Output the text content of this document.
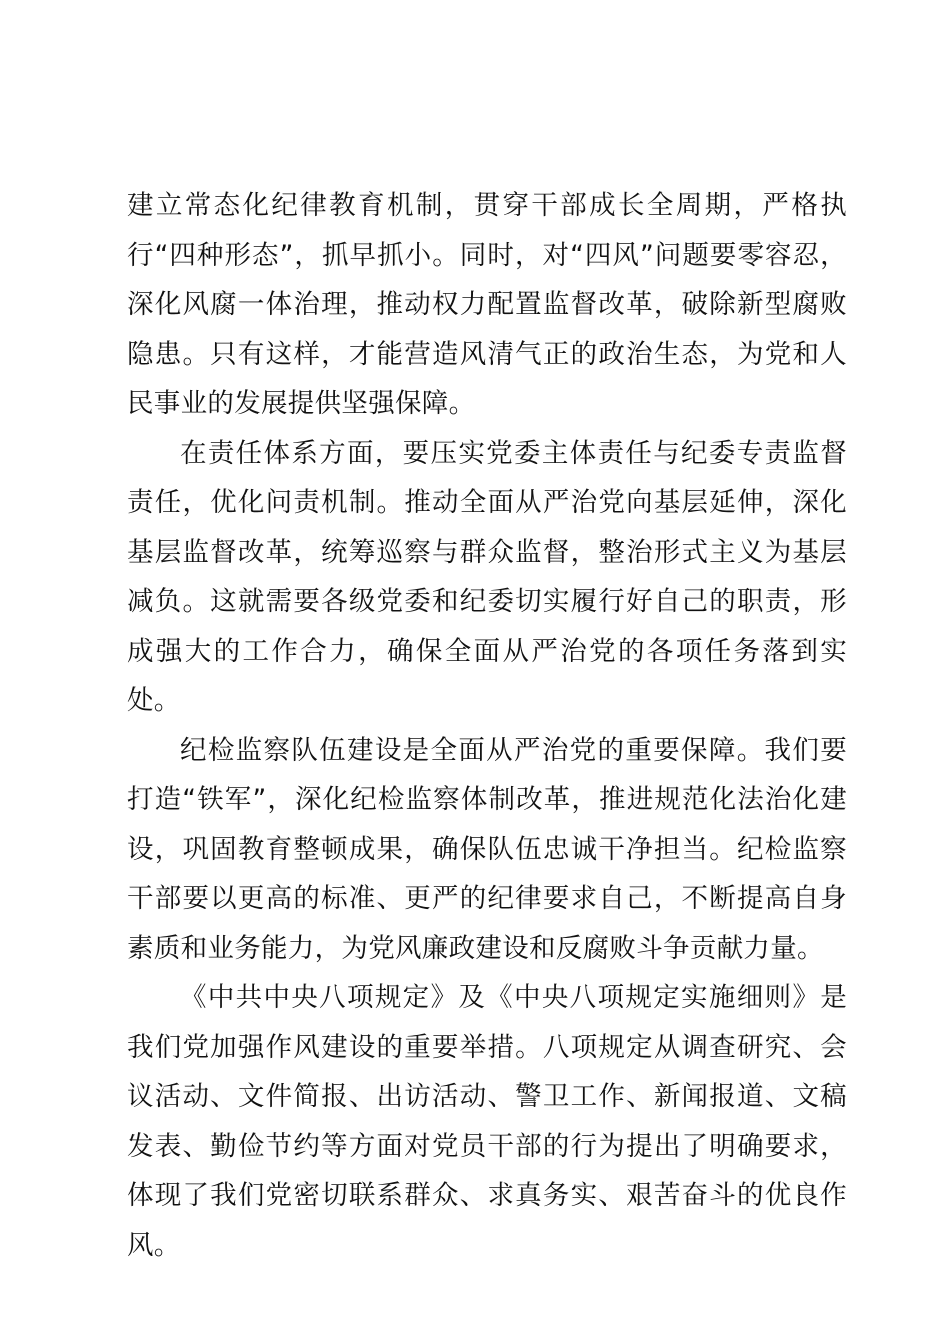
建立常态化纪律教育机制，贯穿干部成长全周期，严格执行“四种形态”，抓早抓小。同时，对“四风”问题要零容忍，深化风腐一体治理，推动权力配置监督改革，破除新型腐败隐患。只有这样，才能营造风清气正的政治生态，为党和人民事业的发展提供坚强保障。

在责任体系方面，要压实党委主体责任与纪委专责监督责任，优化问责机制。推动全面从严治党向基层延伸，深化基层监督改革，统筹巡察与群众监督，整治形式主义为基层减负。这就需要各级党委和纪委切实履行好自己的职责，形成强大的工作合力，确保全面从严治党的各项任务落到实处。

纪检监察队伍建设是全面从严治党的重要保障。我们要打造“铁军”，深化纪检监察体制改革，推进规范化法治化建设，巩固教育整顿成果，确保队伍忠诚干净担当。纪检监察干部要以更高的标准、更严的纪律要求自己，不断提高自身素质和业务能力，为党风廉政建设和反腐败斗争贡献力量。

《中共中央八项规定》及《中央八项规定实施细则》是我们党加强作风建设的重要举措。八项规定从调查研究、会议活动、文件简报、出访活动、警卫工作、新闻报道、文稿发表、勤俭节约等方面对党员干部的行为提出了明确要求，体现了我们党密切联系群众、求真务实、艰苦奋斗的优良作风。
